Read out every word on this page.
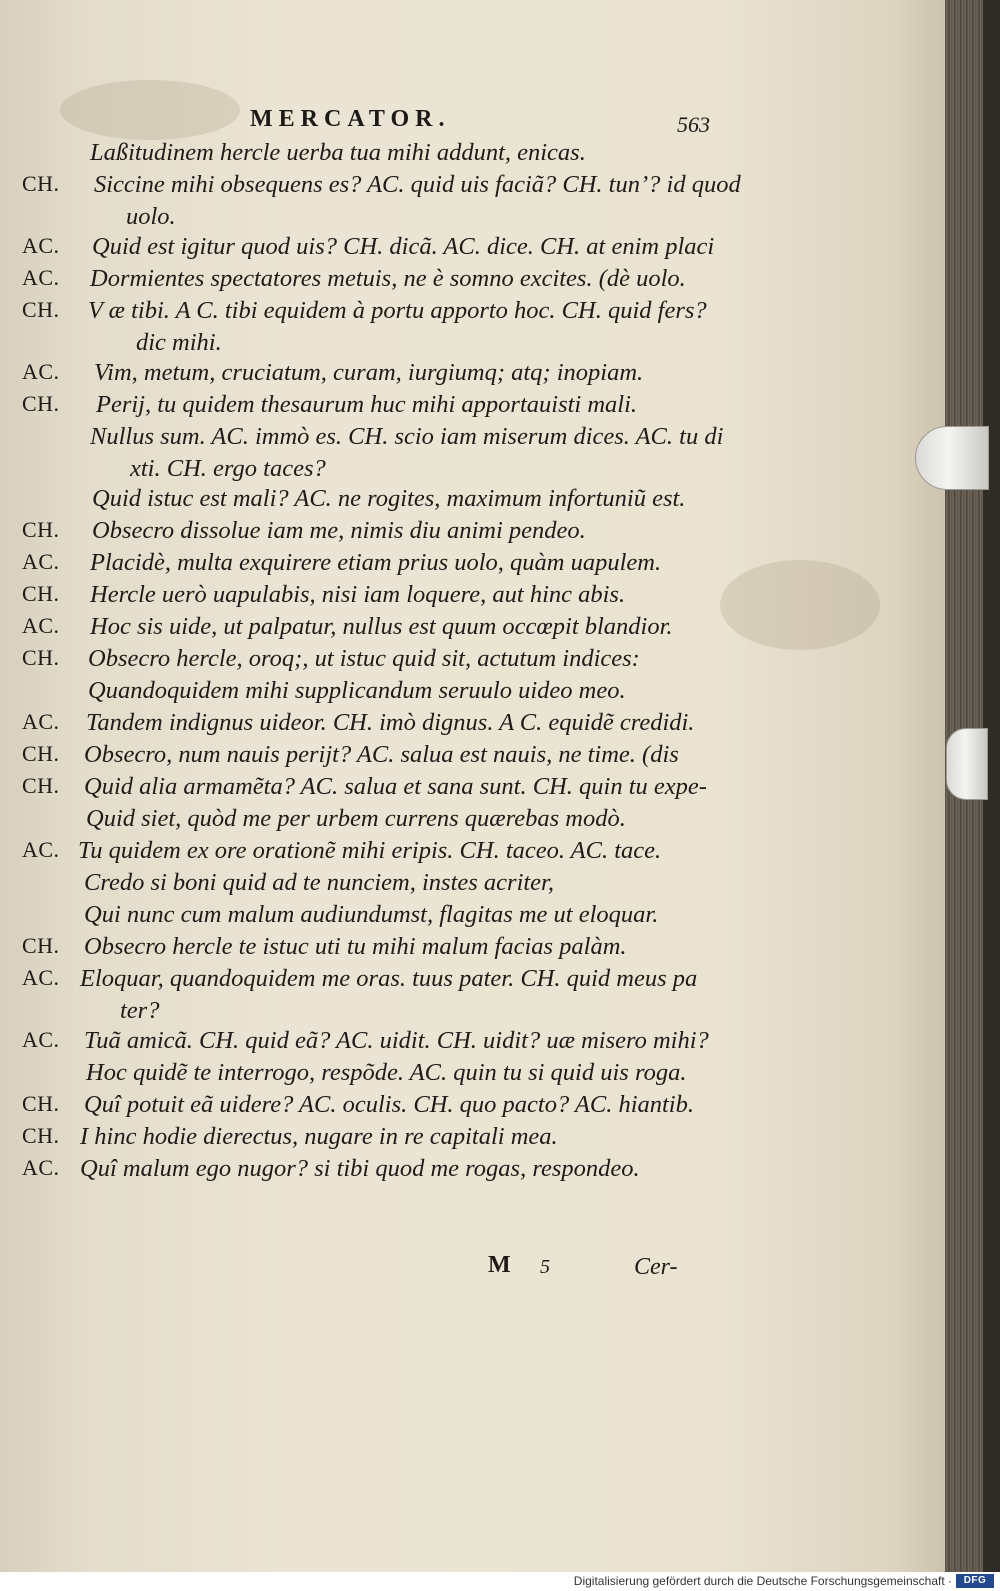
MERCATOR.	563
Laßitudinem hercle uerba tua mihi addunt, enicas.
CH. Siccine mihi obsequens es? AC. quid uis faciã? CH. tun’? id quod
uolo.
AC. Quid est igitur quod uis? CH. dicã. AC. dice. CH. at enim placi
AC. Dormientes spectatores metuis, ne è somno excites. (dè uolo.
CH. V æ tibi. A C. tibi equidem à portu apporto hoc. CH. quid fers?
dic mihi.
AC. Vim, metum, cruciatum, curam, iurgiumq; atq; inopiam.
CH. Perij, tu quidem thesaurum huc mihi apportauisti mali.
Nullus sum. AC. immò es. CH. scio iam miserum dices. AC. tu di
xti. CH. ergo taces?
Quid istuc est mali? AC. ne rogites, maximum infortuniũ est.
CH. Obsecro dissolue iam me, nimis diu animi pendeo.
AC. Placidè, multa exquirere etiam prius uolo, quàm uapulem.
CH. Hercle uerò uapulabis, nisi iam loquere, aut hinc abis.
AC. Hoc sis uide, ut palpatur, nullus est quum occœpit blandior.
CH. Obsecro hercle, oroq;, ut istuc quid sit, actutum indices:
Quandoquidem mihi supplicandum seruulo uideo meo.
AC. Tandem indignus uideor. CH. imò dignus. A C. equidẽ credidi.
CH. Obsecro, num nauis perijt? AC. salua est nauis, ne time. (dis
CH. Quid alia armamẽta? AC. salua et sana sunt. CH. quin tu expe-
Quid siet, quòd me per urbem currens quærebas modò.
AC. Tu quidem ex ore orationẽ mihi eripis. CH. taceo. AC. tace.
Credo si boni quid ad te nunciem, instes acriter,
Qui nunc cum malum audiundumst, flagitas me ut eloquar.
CH. Obsecro hercle te istuc uti tu mihi malum facias palàm.
AC. Eloquar, quandoquidem me oras. tuus pater. CH. quid meus pa
ter?
AC. Tuã amicã. CH. quid eã? AC. uidit. CH. uidit? uæ misero mihi?
Hoc quidẽ te interrogo, respõde. AC. quin tu si quid uis roga.
CH. Quî potuit eã uidere? AC. oculis. CH. quo pacto? AC. hiantib.
CH. I hinc hodie dierectus, nugare in re capitali mea.
AC. Quî malum ego nugor? si tibi quod me rogas, respondeo.
M 5	Cer-
Digitalisierung gefördert durch die Deutsche Forschungsgemeinschaft ·	DFG
